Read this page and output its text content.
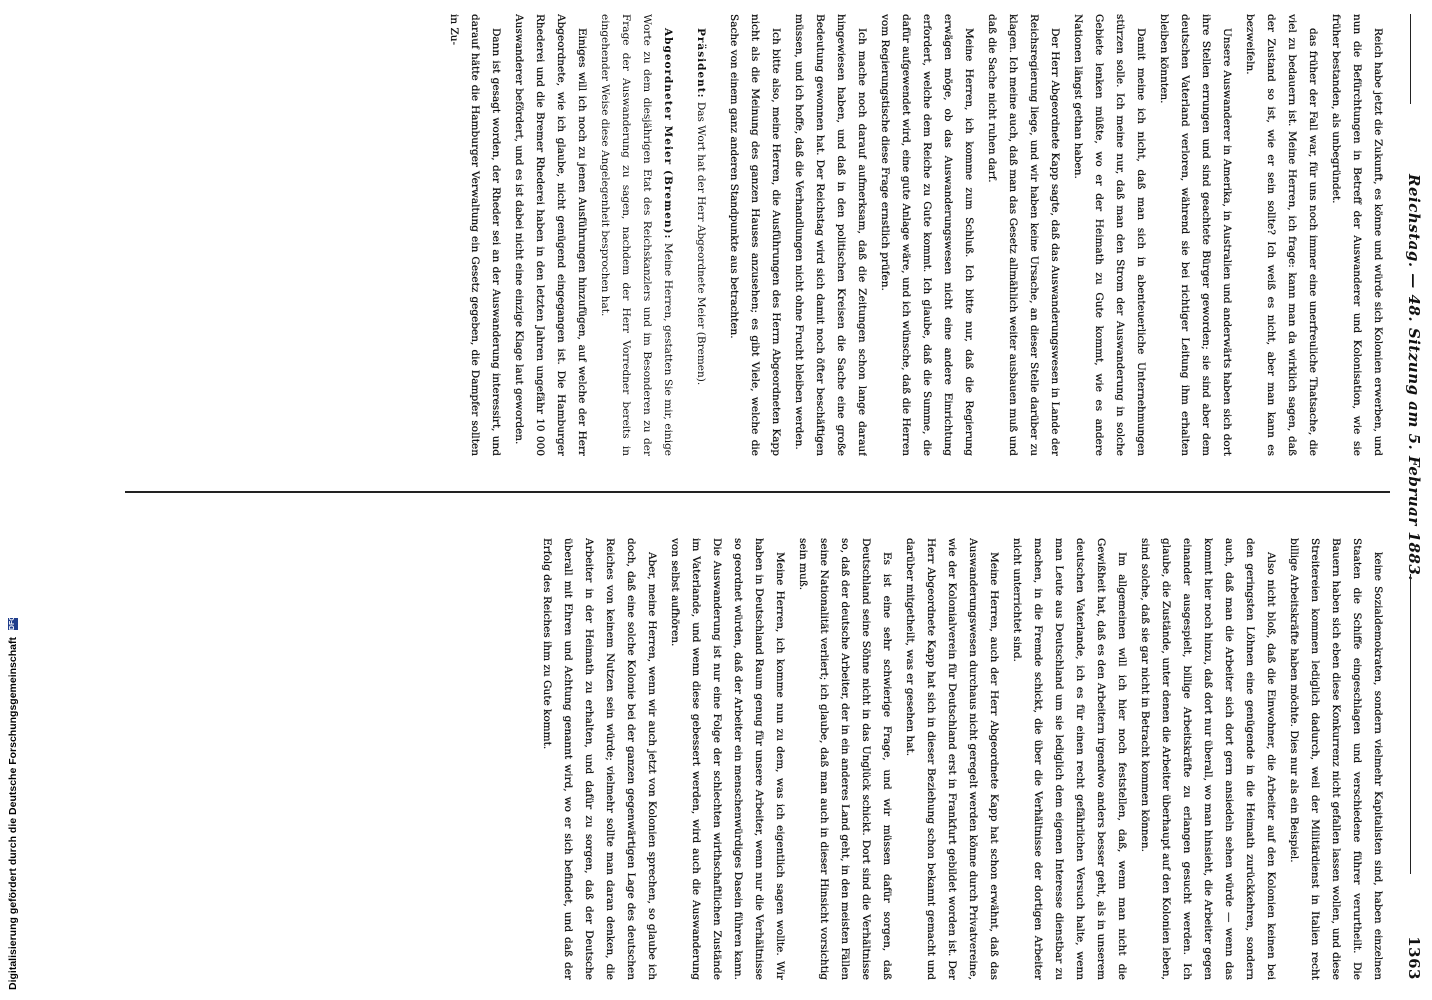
Digitalisierung gefördert durch die Deutsche Forschungsgemeinschaft DFG
Reichstag. — 48. Sitzung am 5. Februar 1883.
1363

Reich habe jetzt die Zukunft, es könne und würde sich Kolonien erwerben, und nun die Befürchtungen in Betreff der Auswanderer und Kolonisation, wie sie früher bestanden, als unbegründet.

das früher der Fall war, für uns noch immer eine unerfreuliche Thatsache, die viel zu bedauern ist. Meine Herren, ich frage: kann man da wirklich sagen, daß der Zustand so ist, wie er sein sollte? Ich weiß es nicht, aber man kann es bezweifeln.

Unsere Auswanderer in Amerika, in Australien und anderwärts haben sich dort ihre Stellen errungen und sind geachtete Bürger geworden; sie sind aber dem deutschen Vaterland verloren, während sie bei richtiger Leitung ihm erhalten bleiben könnten.

Damit meine ich nicht, daß man sich in abenteuerliche Unternehmungen stürzen solle. Ich meine nur, daß man den Strom der Auswanderung in solche Gebiete lenken müßte, wo er der Heimath zu Gute kommt, wie es andere Nationen längst gethan haben.

Der Herr Abgeordnete Kapp sagte, daß das Auswanderungswesen in Lande der Reichsregierung liege, und wir haben keine Ursache, an dieser Stelle darüber zu klagen. Ich meine auch, daß man das Gesetz allmählich weiter ausbauen muß und daß die Sache nicht ruhen darf.

Meine Herren, ich komme zum Schluß. Ich bitte nur, daß die Regierung erwägen möge, ob das Auswanderungswesen nicht eine andere Einrichtung erfordert, welche dem Reiche zu Gute kommt. Ich glaube, daß die Summe, die dafür aufgewendet wird, eine gute Anlage wäre, und ich wünsche, daß die Herren vom Regierungstische diese Frage ernstlich prüfen.

Ich mache noch darauf aufmerksam, daß die Zeitungen schon lange darauf hingewiesen haben, und daß in den politischen Kreisen die Sache eine große Bedeutung gewonnen hat. Der Reichstag wird sich damit noch öfter beschäftigen müssen, und ich hoffe, daß die Verhandlungen nicht ohne Frucht bleiben werden.

Ich bitte also, meine Herren, die Ausführungen des Herrn Abgeordneten Kapp nicht als die Meinung des ganzen Hauses anzusehen; es gibt Viele, welche die Sache von einem ganz anderen Standpunkte aus betrachten.

Präsident: Das Wort hat der Herr Abgeordnete Meier (Bremen).

Abgeordneter Meier (Bremen): Meine Herren, gestatten Sie mir, einige Worte zu dem diesjährigen Etat des Reichskanzlers und im Besonderen zu der Frage der Auswanderung zu sagen, nachdem der Herr Vorredner bereits in eingehender Weise diese Angelegenheit besprochen hat.

Einiges will ich noch zu jenen Ausführungen hinzufügen, auf welche der Herr Abgeordnete, wie ich glaube, nicht genügend eingegangen ist. Die Hamburger Rhederei und die Bremer Rhederei haben in den letzten Jahren ungefähr 10 000 Auswanderer befördert, und es ist dabei nicht eine einzige Klage laut geworden.

Dann ist gesagt worden, der Rheder sei an der Auswanderung interessirt, und darauf hätte die Hamburger Verwaltung ein Gesetz gegeben, die Dampfer sollten in Zu-

keine Sozialdemokraten, sondern vielmehr Kapitalisten sind, haben einzelnen Staaten die Schiffe eingeschlagen und verschiedene führer verurtheilt. Die Bauern haben sich eben diese Konkurrenz nicht gefallen lassen wollen, und diese Streitereien kommen lediglich dadurch, weil der Militärdienst in Italien recht billige Arbeitskräfte haben möchte. Dies nur als ein Beispiel.

Also nicht bloß, daß die Einwohner, die Arbeiter auf den Kolonien keinen bei den geringsten Löhnen eine genügende in die Heimath zurückkehren, sondern auch, daß man die Arbeiter sich dort gern ansiedeln sehen würde — wenn das kommt hier noch hinzu, daß dort nur überall, wo man hinsieht, die Arbeiter gegen einander ausgespielt, billige Arbeitskräfte zu erlangen gesucht werden. Ich glaube, die Zustände, unter denen die Arbeiter überhaupt auf den Kolonien leben, sind solche, daß sie gar nicht in Betracht kommen können.

Im allgemeinen will ich hier noch feststellen, daß, wenn man nicht die Gewißheit hat, daß es den Arbeitern irgendwo anders besser geht, als in unserem deutschen Vaterlande, ich es für einen recht gefährlichen Versuch halte, wenn man Leute aus Deutschland um sie lediglich dem eigenen Interesse dienstbar zu machen, in die Fremde schickt, die über die Verhältnisse der dortigen Arbeiter nicht unterrichtet sind.

Meine Herren, auch der Herr Abgeordnete Kapp hat schon erwähnt, daß das Auswanderungswesen durchaus nicht geregelt werden könne durch Privatvereine, wie der Kolonialverein für Deutschland erst in Frankfurt gebildet worden ist. Der Herr Abgeordnete Kapp hat sich in dieser Beziehung schon bekannt gemacht und darüber mitgetheilt, was er gesehen hat.

Es ist eine sehr schwierige Frage, und wir müssen dafür sorgen, daß Deutschland seine Söhne nicht in das Unglück schickt. Dort sind die Verhältnisse so, daß der deutsche Arbeiter, der in ein anderes Land geht, in den meisten Fällen seine Nationalität verliert; ich glaube, daß man auch in dieser Hinsicht vorsichtig sein muß.

Meine Herren, ich komme nun zu dem, was ich eigentlich sagen wollte. Wir haben in Deutschland Raum genug für unsere Arbeiter, wenn nur die Verhältnisse so geordnet würden, daß der Arbeiter ein menschenwürdiges Dasein führen kann. Die Auswanderung ist nur eine Folge der schlechten wirthschaftlichen Zustände im Vaterlande, und wenn diese gebessert werden, wird auch die Auswanderung von selbst aufhören.

Aber, meine Herren, wenn wir auch jetzt von Kolonien sprechen, so glaube ich doch, daß eine solche Kolonie bei der ganzen gegenwärtigen Lage des deutschen Reiches von keinem Nutzen sein würde; vielmehr sollte man daran denken, die Arbeiter in der Heimath zu erhalten, und dafür zu sorgen, daß der Deutsche überall mit Ehren und Achtung genannt wird, wo er sich befindet, und daß der Erfolg des Reiches ihm zu Gute kommt.
